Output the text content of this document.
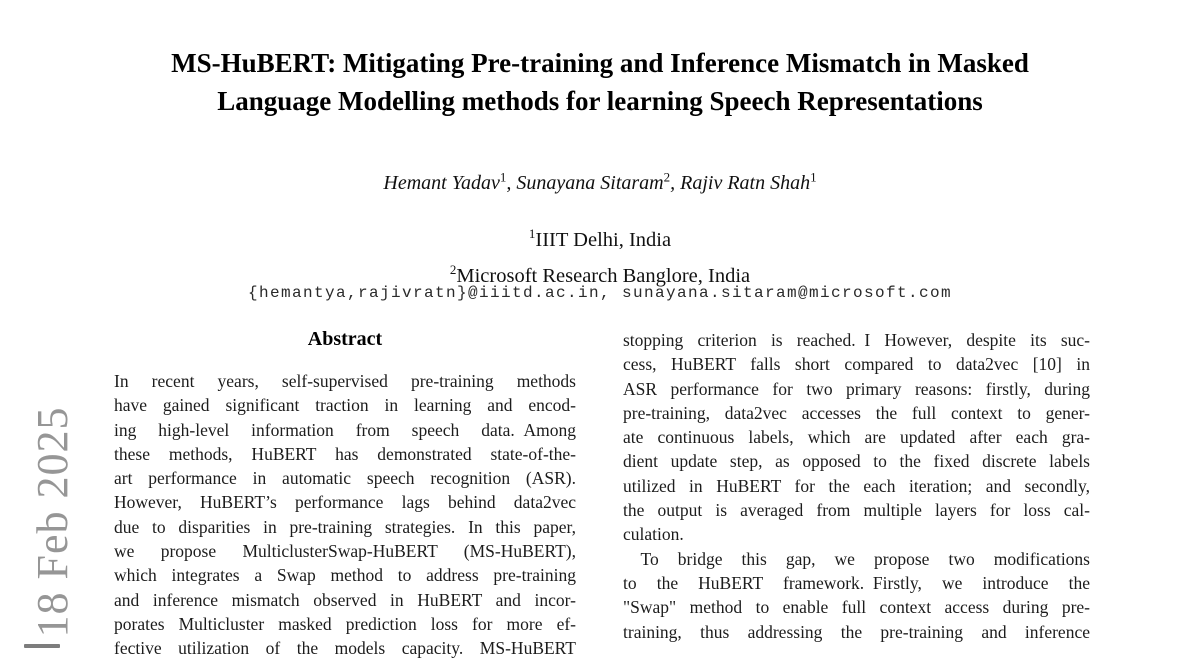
18 Feb 2025
MS-HuBERT: Mitigating Pre-training and Inference Mismatch in Masked
Language Modelling methods for learning Speech Representations
Hemant Yadav$^1$, Sunayana Sitaram$^2$, Rajiv Ratn Shah$^1$
$^1$IIIT Delhi, India
$^2$Microsoft Research Banglore, India
{hemantya,rajivratn}@iiitd.ac.in, sunayana.sitaram@microsoft.com
Abstract
In recent years, self-supervised pre-training methods
have gained significant traction in learning and encod-
ing high-level information from speech data. Among
these methods, HuBERT has demonstrated state-of-the-
art performance in automatic speech recognition (ASR).
However, HuBERT’s performance lags behind data2vec
due to disparities in pre-training strategies. In this paper,
we propose MulticlusterSwap-HuBERT (MS-HuBERT),
which integrates a Swap method to address pre-training
and inference mismatch observed in HuBERT and incor-
porates Multicluster masked prediction loss for more ef-
fective utilization of the models capacity. MS-HuBERT
stopping criterion is reached. I However, despite its suc-
cess, HuBERT falls short compared to data2vec [10] in
ASR performance for two primary reasons: firstly, during
pre-training, data2vec accesses the full context to gener-
ate continuous labels, which are updated after each gra-
dient update step, as opposed to the fixed discrete labels
utilized in HuBERT for the each iteration; and secondly,
the output is averaged from multiple layers for loss cal-
culation.
 To bridge this gap, we propose two modifications
to the HuBERT framework. Firstly, we introduce the
"Swap" method to enable full context access during pre-
training, thus addressing the pre-training and inference
